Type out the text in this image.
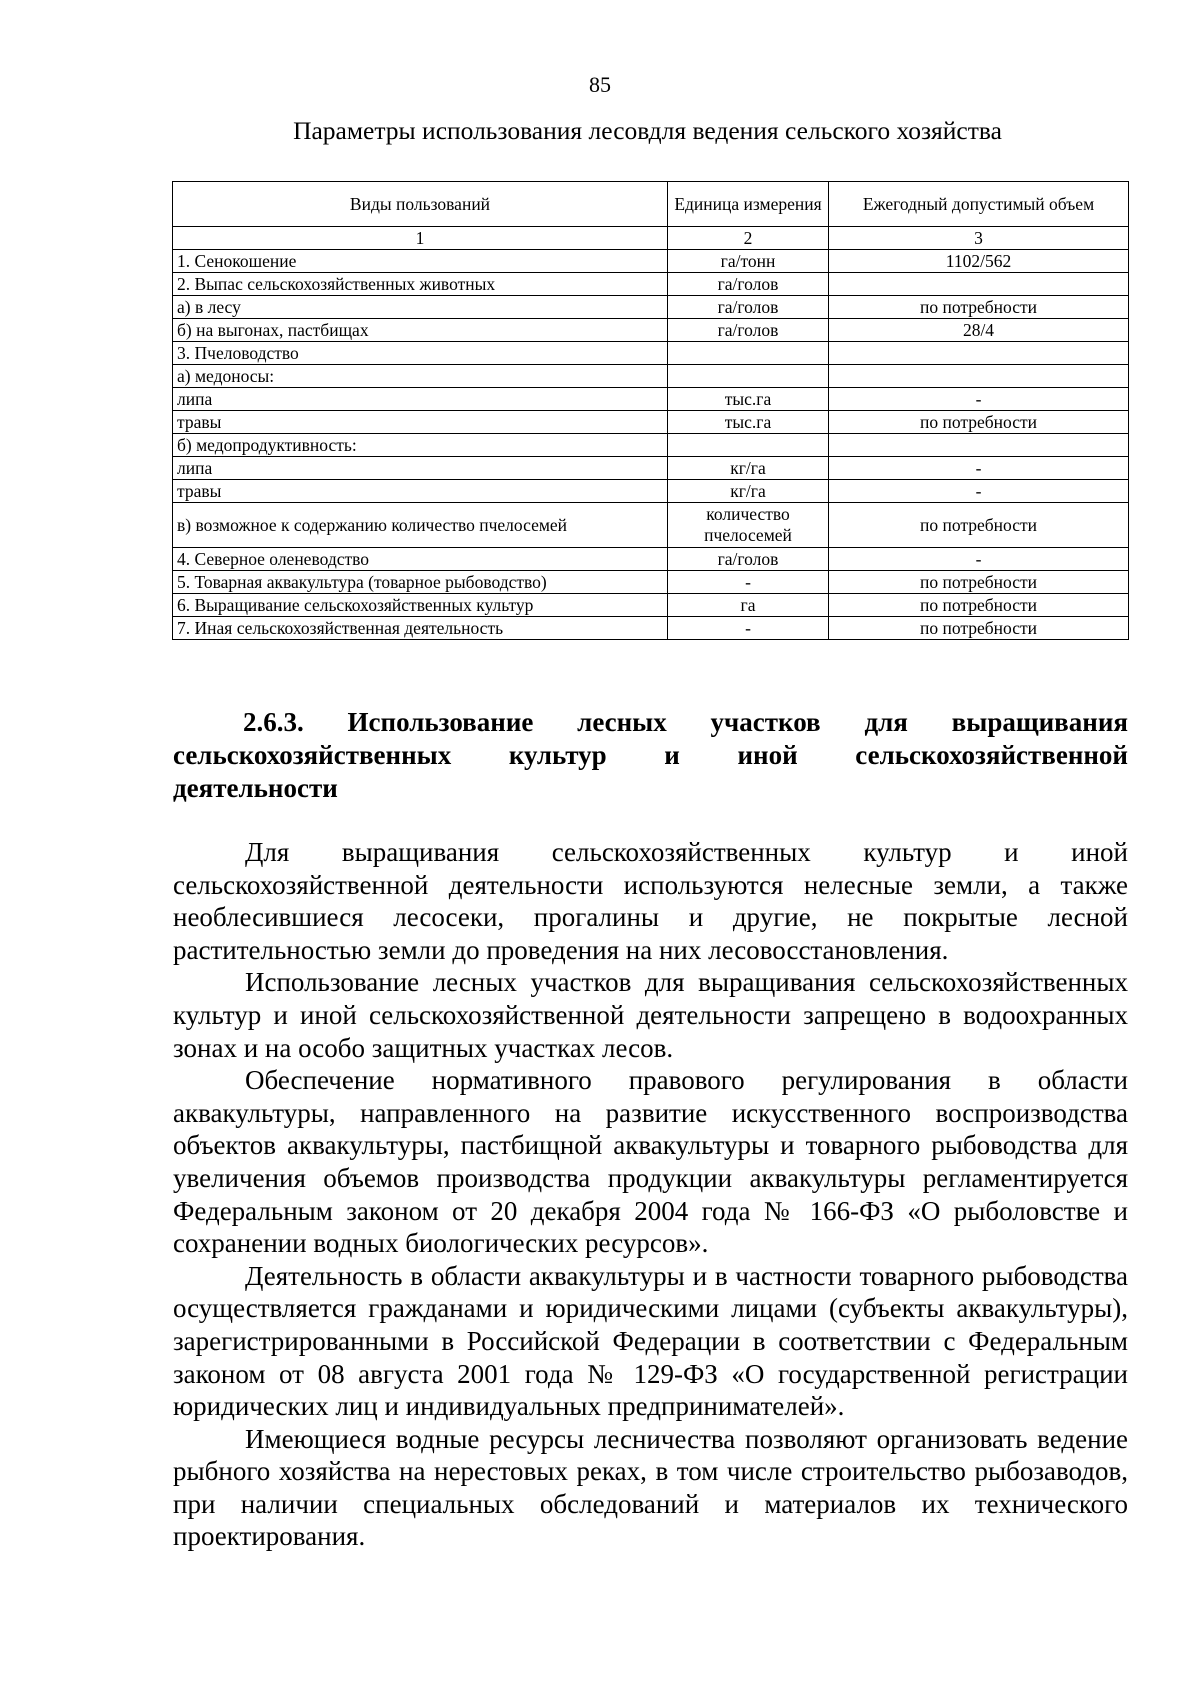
85
Параметры использования лесовдля ведения сельского хозяйства
Виды пользований	Единица измерения	Ежегодный допустимый объем
1	2	3
1. Сенокошение	га/тонн	1102/562
2. Выпас сельскохозяйственных животных	га/голов	
а) в лесу	га/голов	по потребности
б) на выгонах, пастбищах	га/голов	28/4
3. Пчеловодство		
а) медоносы:		
липа	тыс.га	-
травы	тыс.га	по потребности
б) медопродуктивность:		
липа	кг/га	-
травы	кг/га	-
в) возможное к содержанию количество пчелосемей	количество пчелосемей	по потребности
4. Северное оленеводство	га/голов	-
5. Товарная аквакультура (товарное рыбоводство)	-	по потребности
6. Выращивание сельскохозяйственных культур	га	по потребности
7. Иная сельскохозяйственная деятельность	-	по потребности
2.6.3. Использование лесных участков для выращивания
сельскохозяйственных культур и иной сельскохозяйственной
деятельности

Для выращивания сельскохозяйственных культур и иной сельскохозяйственной деятельности используются нелесные земли, а также необлесившиеся лесосеки, прогалины и другие, не покрытые лесной растительностью земли до проведения на них лесовосстановления.

Использование лесных участков для выращивания сельскохозяйственных культур и иной сельскохозяйственной деятельности запрещено в водоохранных зонах и на особо защитных участках лесов.

Обеспечение нормативного правового регулирования в области аквакультуры, направленного на развитие искусственного воспроизводства объектов аквакультуры, пастбищной аквакультуры и товарного рыбоводства для увеличения объемов производства продукции аквакультуры регламентируется Федеральным законом от 20 декабря 2004 года № 166-ФЗ «О рыболовстве и сохранении водных биологических ресурсов».

Деятельность в области аквакультуры и в частности товарного рыбоводства осуществляется гражданами и юридическими лицами (субъекты аквакультуры), зарегистрированными в Российской Федерации в соответствии с Федеральным законом от 08 августа 2001 года № 129-ФЗ «О государственной регистрации юридических лиц и индивидуальных предпринимателей».

Имеющиеся водные ресурсы лесничества позволяют организовать ведение рыбного хозяйства на нерестовых реках, в том числе строительство рыбозаводов, при наличии специальных обследований и материалов их технического проектирования.
